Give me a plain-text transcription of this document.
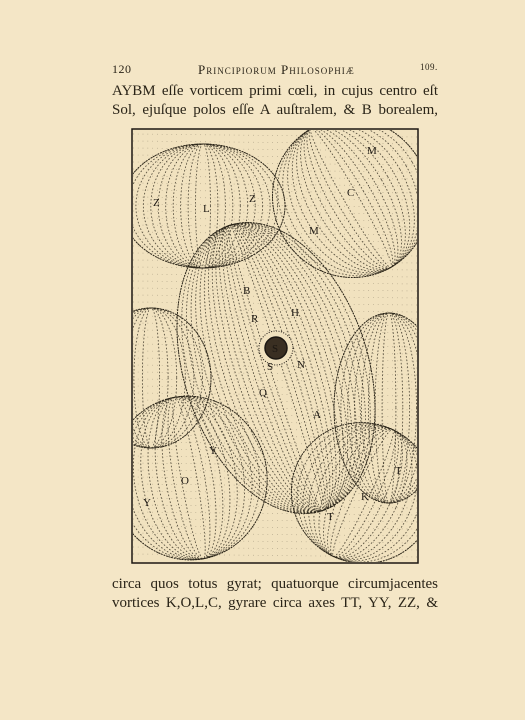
120	Principiorum Philosophiæ	109.
AYBM eſſe vorticem primi cœli, in cujus centro eſt
Sol, ejuſque polos eſſe A auſtralem, & B borealem,
M
C
Z	L
Z
M
B
R	H
S
S N
Q
A
Y
O
Y
T
K
T
circa quos totus gyrat; quatuorque circumjacentes
vortices K,O,L,C, gyrare circa axes TT, YY, ZZ, &
